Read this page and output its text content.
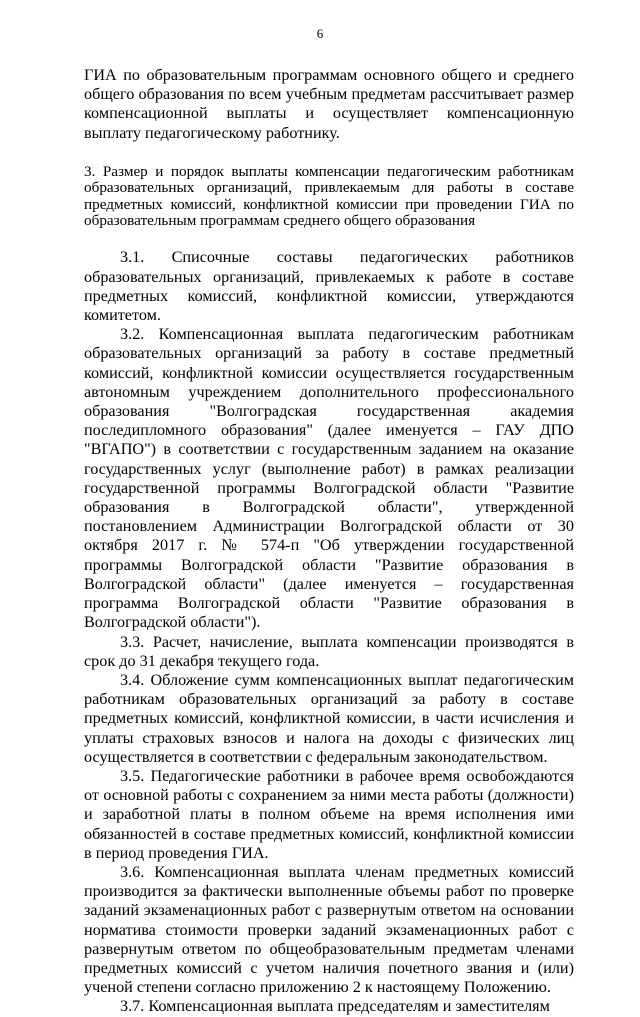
6

ГИА по образовательным программам основного общего и среднего общего образования по всем учебным предметам рассчитывает размер компенсационной выплаты и осуществляет компенсационную выплату педагогическому работнику.

3. Размер и порядок выплаты компенсации педагогическим работникам образовательных организаций, привлекаемым для работы в составе предметных комиссий, конфликтной комиссии при проведении ГИА по образовательным программам среднего общего образования

3.1. Списочные составы педагогических работников образовательных организаций, привлекаемых к работе в составе предметных комиссий, конфликтной комиссии, утверждаются комитетом.

3.2. Компенсационная выплата педагогическим работникам образовательных организаций за работу в составе предметный комиссий, конфликтной комиссии осуществляется государственным автономным учреждением дополнительного профессионального образования "Волгоградская государственная академия последипломного образования" (далее именуется – ГАУ ДПО "ВГАПО") в соответствии с государственным заданием на оказание государственных услуг (выполнение работ) в рамках реализации государственной программы Волгоградской области "Развитие образования в Волгоградской области", утвержденной постановлением Администрации Волгоградской области от 30 октября 2017 г. № 574-п "Об утверждении государственной программы Волгоградской области "Развитие образования в Волгоградской области" (далее именуется – государственная программа Волгоградской области "Развитие образования в Волгоградской области").

3.3. Расчет, начисление, выплата компенсации производятся в срок до 31 декабря текущего года.

3.4. Обложение сумм компенсационных выплат педагогическим работникам образовательных организаций за работу в составе предметных комиссий, конфликтной комиссии, в части исчисления и уплаты страховых взносов и налога на доходы с физических лиц осуществляется в соответствии с федеральным законодательством.

3.5. Педагогические работники в рабочее время освобождаются от основной работы с сохранением за ними места работы (должности) и заработной платы в полном объеме на время исполнения ими обязанностей в составе предметных комиссий, конфликтной комиссии в период проведения ГИА.

3.6. Компенсационная выплата членам предметных комиссий производится за фактически выполненные объемы работ по проверке заданий экзаменационных работ с развернутым ответом на основании норматива стоимости проверки заданий экзаменационных работ с развернутым ответом по общеобразовательным предметам членами предметных комиссий с учетом наличия почетного звания и (или) ученой степени согласно приложению 2 к настоящему Положению.

3.7. Компенсационная выплата председателям и заместителям
